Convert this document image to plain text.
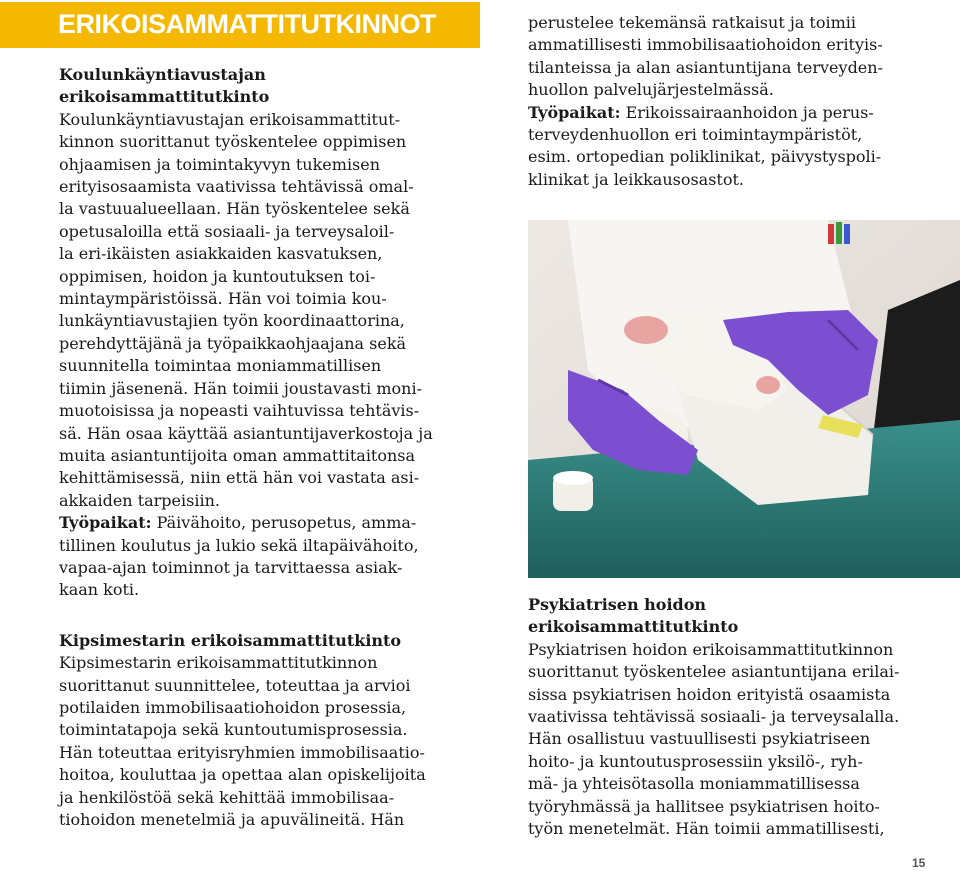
ERIKOISAMMATTITUTKINNOT
Koulunkäyntiavustajan
erikoisammattitutkinto
Koulunkäyntiavustajan erikoisammattitut-
kinnon suorittanut työskentelee oppimisen
ohjaamisen ja toimintakyvyn tukemisen
erityisosaamista vaativissa tehtävissä omal-
la vastuualueellaan. Hän työskentelee sekä
opetusaloilla että sosiaali- ja terveysaloil-
la eri-ikäisten asiakkaiden kasvatuksen,
oppimisen, hoidon ja kuntoutuksen toi-
mintaympäristöissä. Hän voi toimia kou-
lunkäyntiavustajien työn koordinaattorina,
perehdyttäjänä ja työpaikkaohjaajana sekä
suunnitella toimintaa moniammatillisen
tiimin jäsenenä. Hän toimii joustavasti moni-
muotoisissa ja nopeasti vaihtuvissa tehtävis-
sä. Hän osaa käyttää asiantuntijaverkostoja ja
muita asiantuntijoita oman ammattitaitonsa
kehittämisessä, niin että hän voi vastata asi-
akkaiden tarpeisiin.
Työpaikat: Päivähoito, perusopetus, amma-
tillinen koulutus ja lukio sekä iltapäivähoito,
vapaa-ajan toiminnot ja tarvittaessa asiak-
kaan koti.
Kipsimestarin erikoisammattitutkinto
Kipsimestarin erikoisammattitutkinnon
suorittanut suunnittelee, toteuttaa ja arvioi
potilaiden immobilisaatiohoidon prosessia,
toimintatapoja sekä kuntoutumisprosessia.
Hän toteuttaa erityisryhmien immobilisaatio-
hoitoa, kouluttaa ja opettaa alan opiskelijoita
ja henkilöstöä sekä kehittää immobilisaa-
tiohoidon menetelmiä ja apuvälineitä. Hän
perustelee tekemänsä ratkaisut ja toimii
ammatillisesti immobilisaatiohoidon erityis-
tilanteissa ja alan asiantuntijana terveyden-
huollon palvelujärjestelmässä.
Työpaikat: Erikoissairaanhoidon ja perus-
terveydenhuollon eri toimintaympäristöt,
esim. ortopedian poliklinikat, päivystyspoli-
klinikat ja leikkausosastot.
Psykiatrisen hoidon
erikoisammattitutkinto
Psykiatrisen hoidon erikoisammattitutkinnon
suorittanut työskentelee asiantuntijana erilai-
sissa psykiatrisen hoidon erityistä osaamista
vaativissa tehtävissä sosiaali- ja terveysalalla.
Hän osallistuu vastuullisesti psykiatriseen
hoito- ja kuntoutusprosessiin yksilö-, ryh-
mä- ja yhteisötasolla moniammatillisessa
työryhmässä ja hallitsee psykiatrisen hoito-
työn menetelmät. Hän toimii ammatillisesti,
15
